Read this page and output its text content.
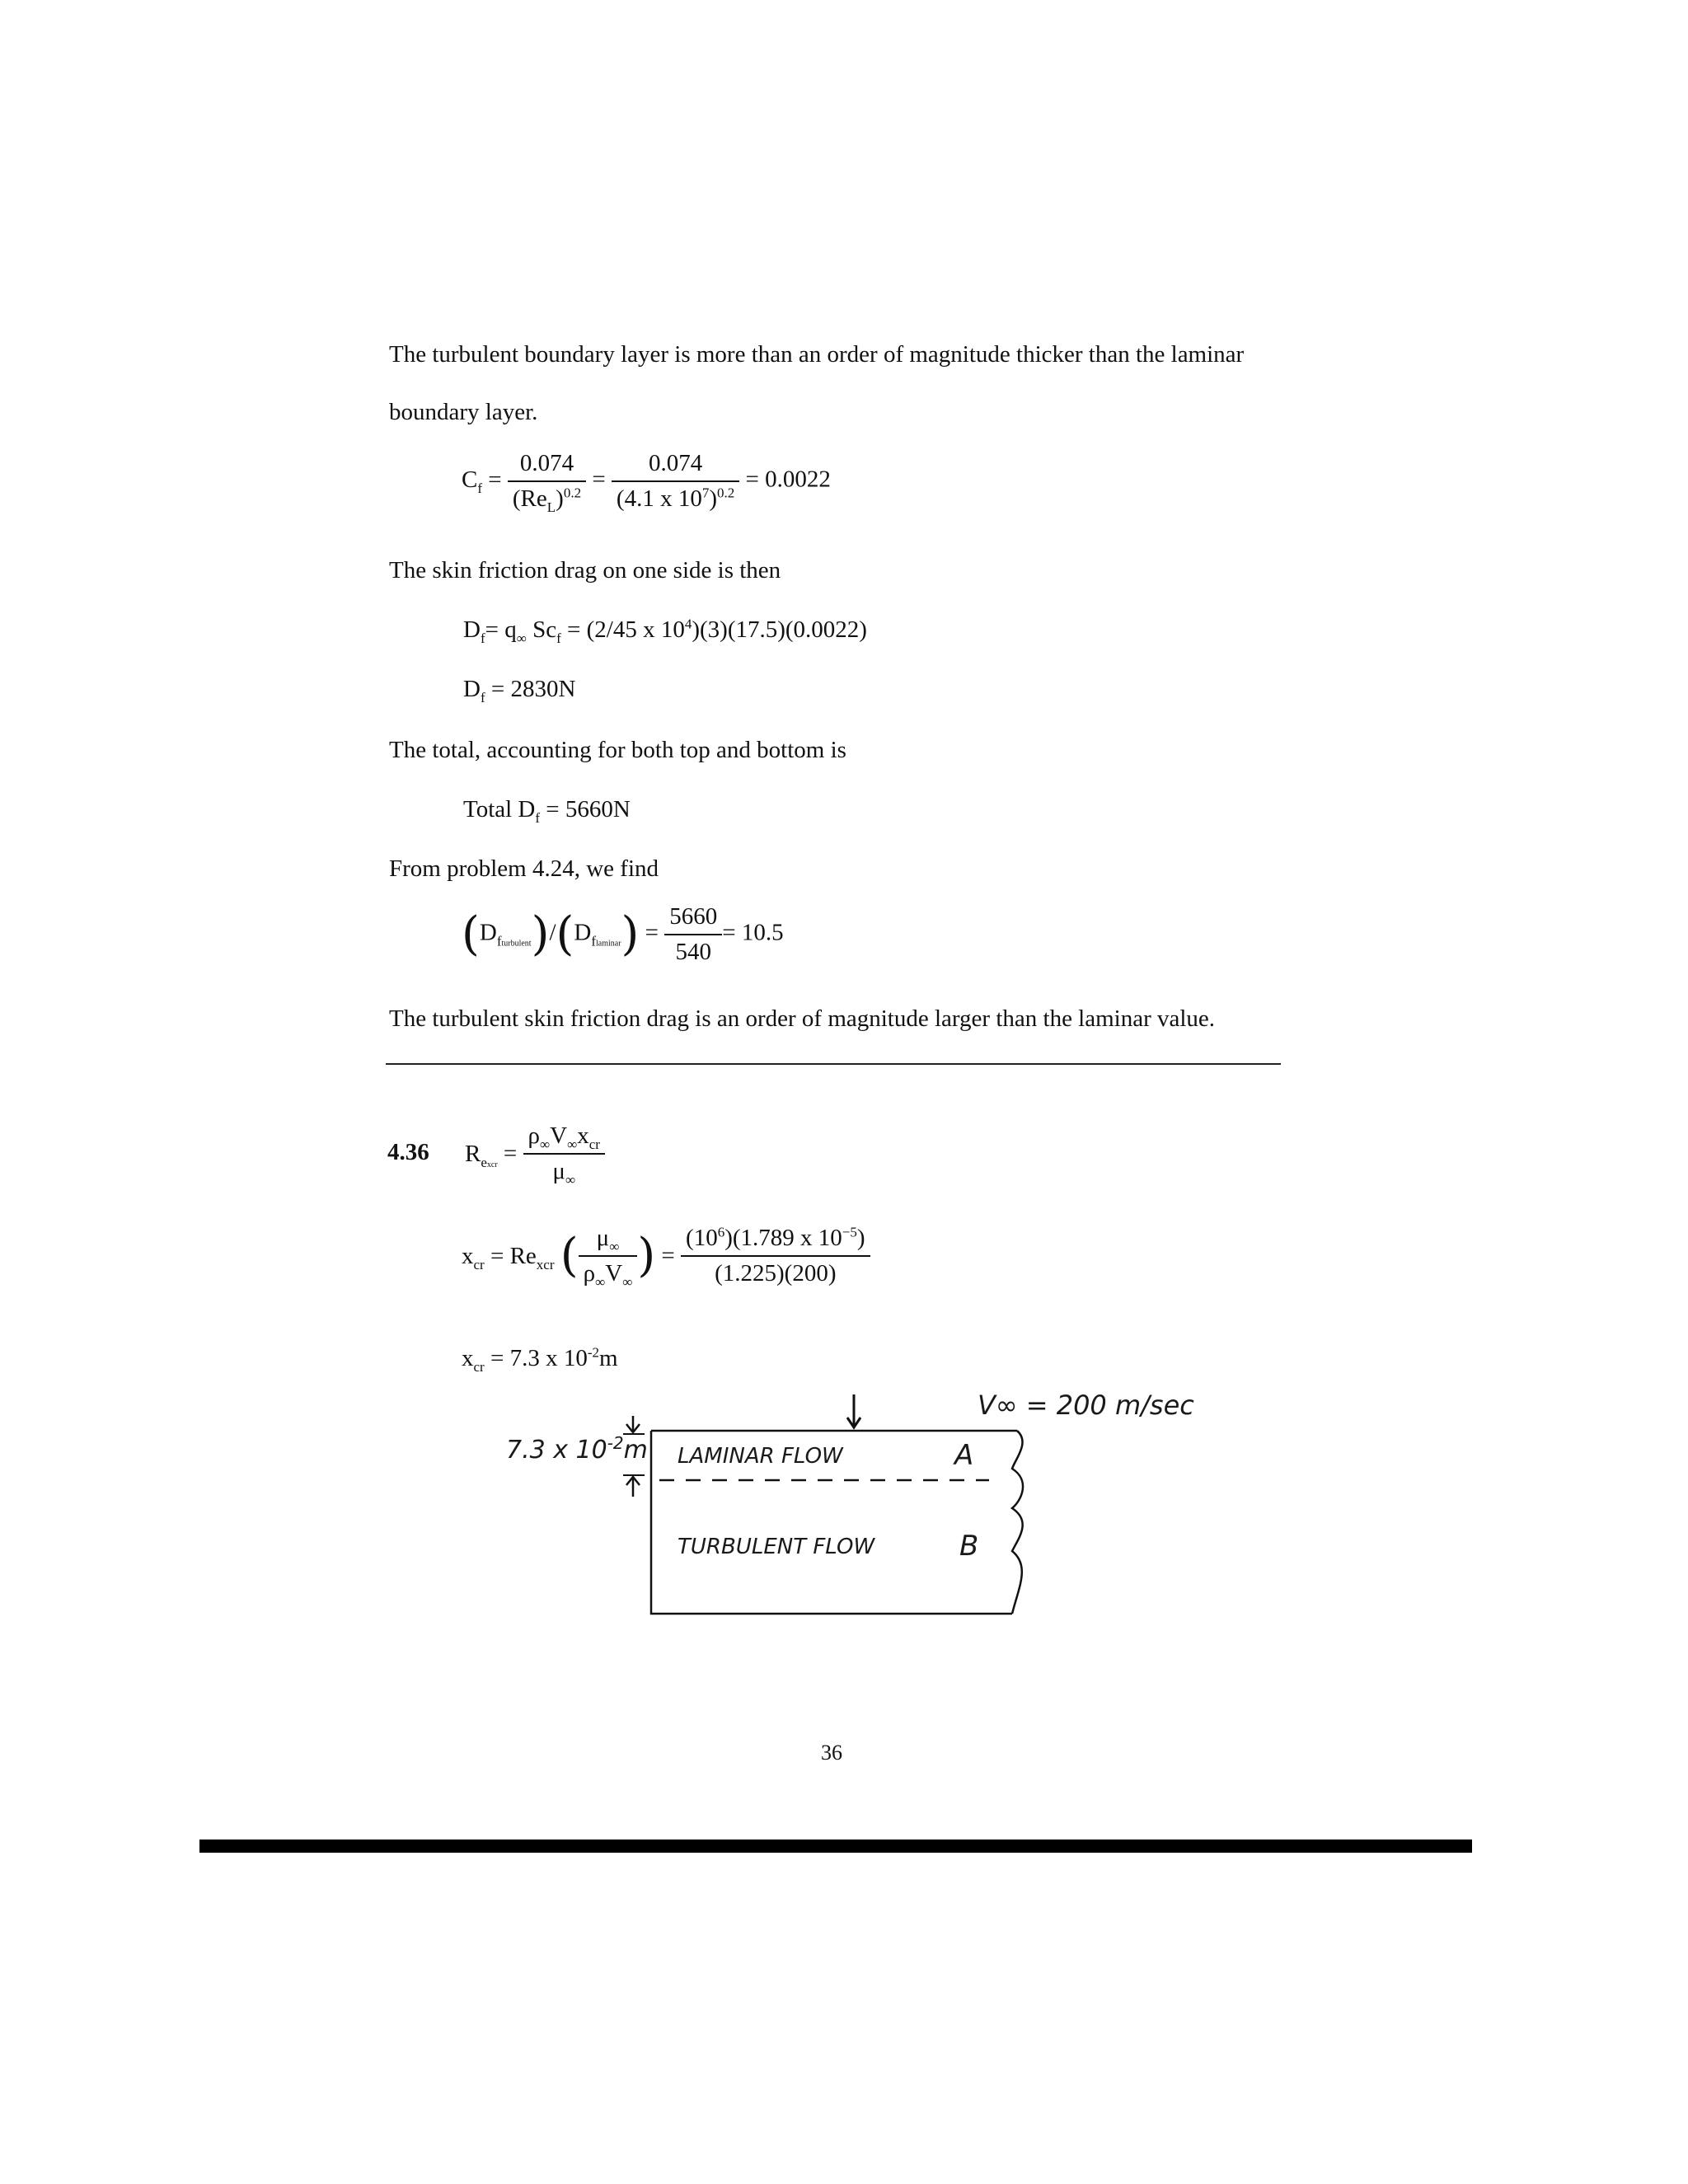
The turbulent boundary layer is more than an order of magnitude thicker than the laminar
boundary layer.
$C_f = \frac{0.074}{(Re_L)^{0.2}} = \frac{0.074}{(4.1 x 10^7)^{0.2}} = 0.0022$
The skin friction drag on one side is then
$D_f= q_\infty$ $Sc_f = (2/45$ x $10^4)(3)(17.5)(0.0022)$
$D_f = 2830N$
The total, accounting for both top and bottom is
Total $D_f = 5660N$
From problem 4.24, we find
$(D_{fturbulent})/(D_{flaminar}) = \frac{5660}{540} = 10.5$
The turbulent skin friction drag is an order of magnitude larger than the laminar value.
4.36 $R_{excr} = \frac{\rho_\infty V_\infty x_{cr}}{\mu_\infty}$
$x_{cr} = Re_{xcr}$ ( $\frac{\mu_\infty}{\rho_\infty V_\infty}$ ) = $\frac{(10^6)(1.789 x 10^{-5})}{(1.225)(200)}$
$x_{cr} = 7.3$ x $10^{-2}m$
V∞ = 200 m/sec
7.3 x $10^{-2}m$ LAMINAR FLOW	A
TURBULENT FLOW	B
36
